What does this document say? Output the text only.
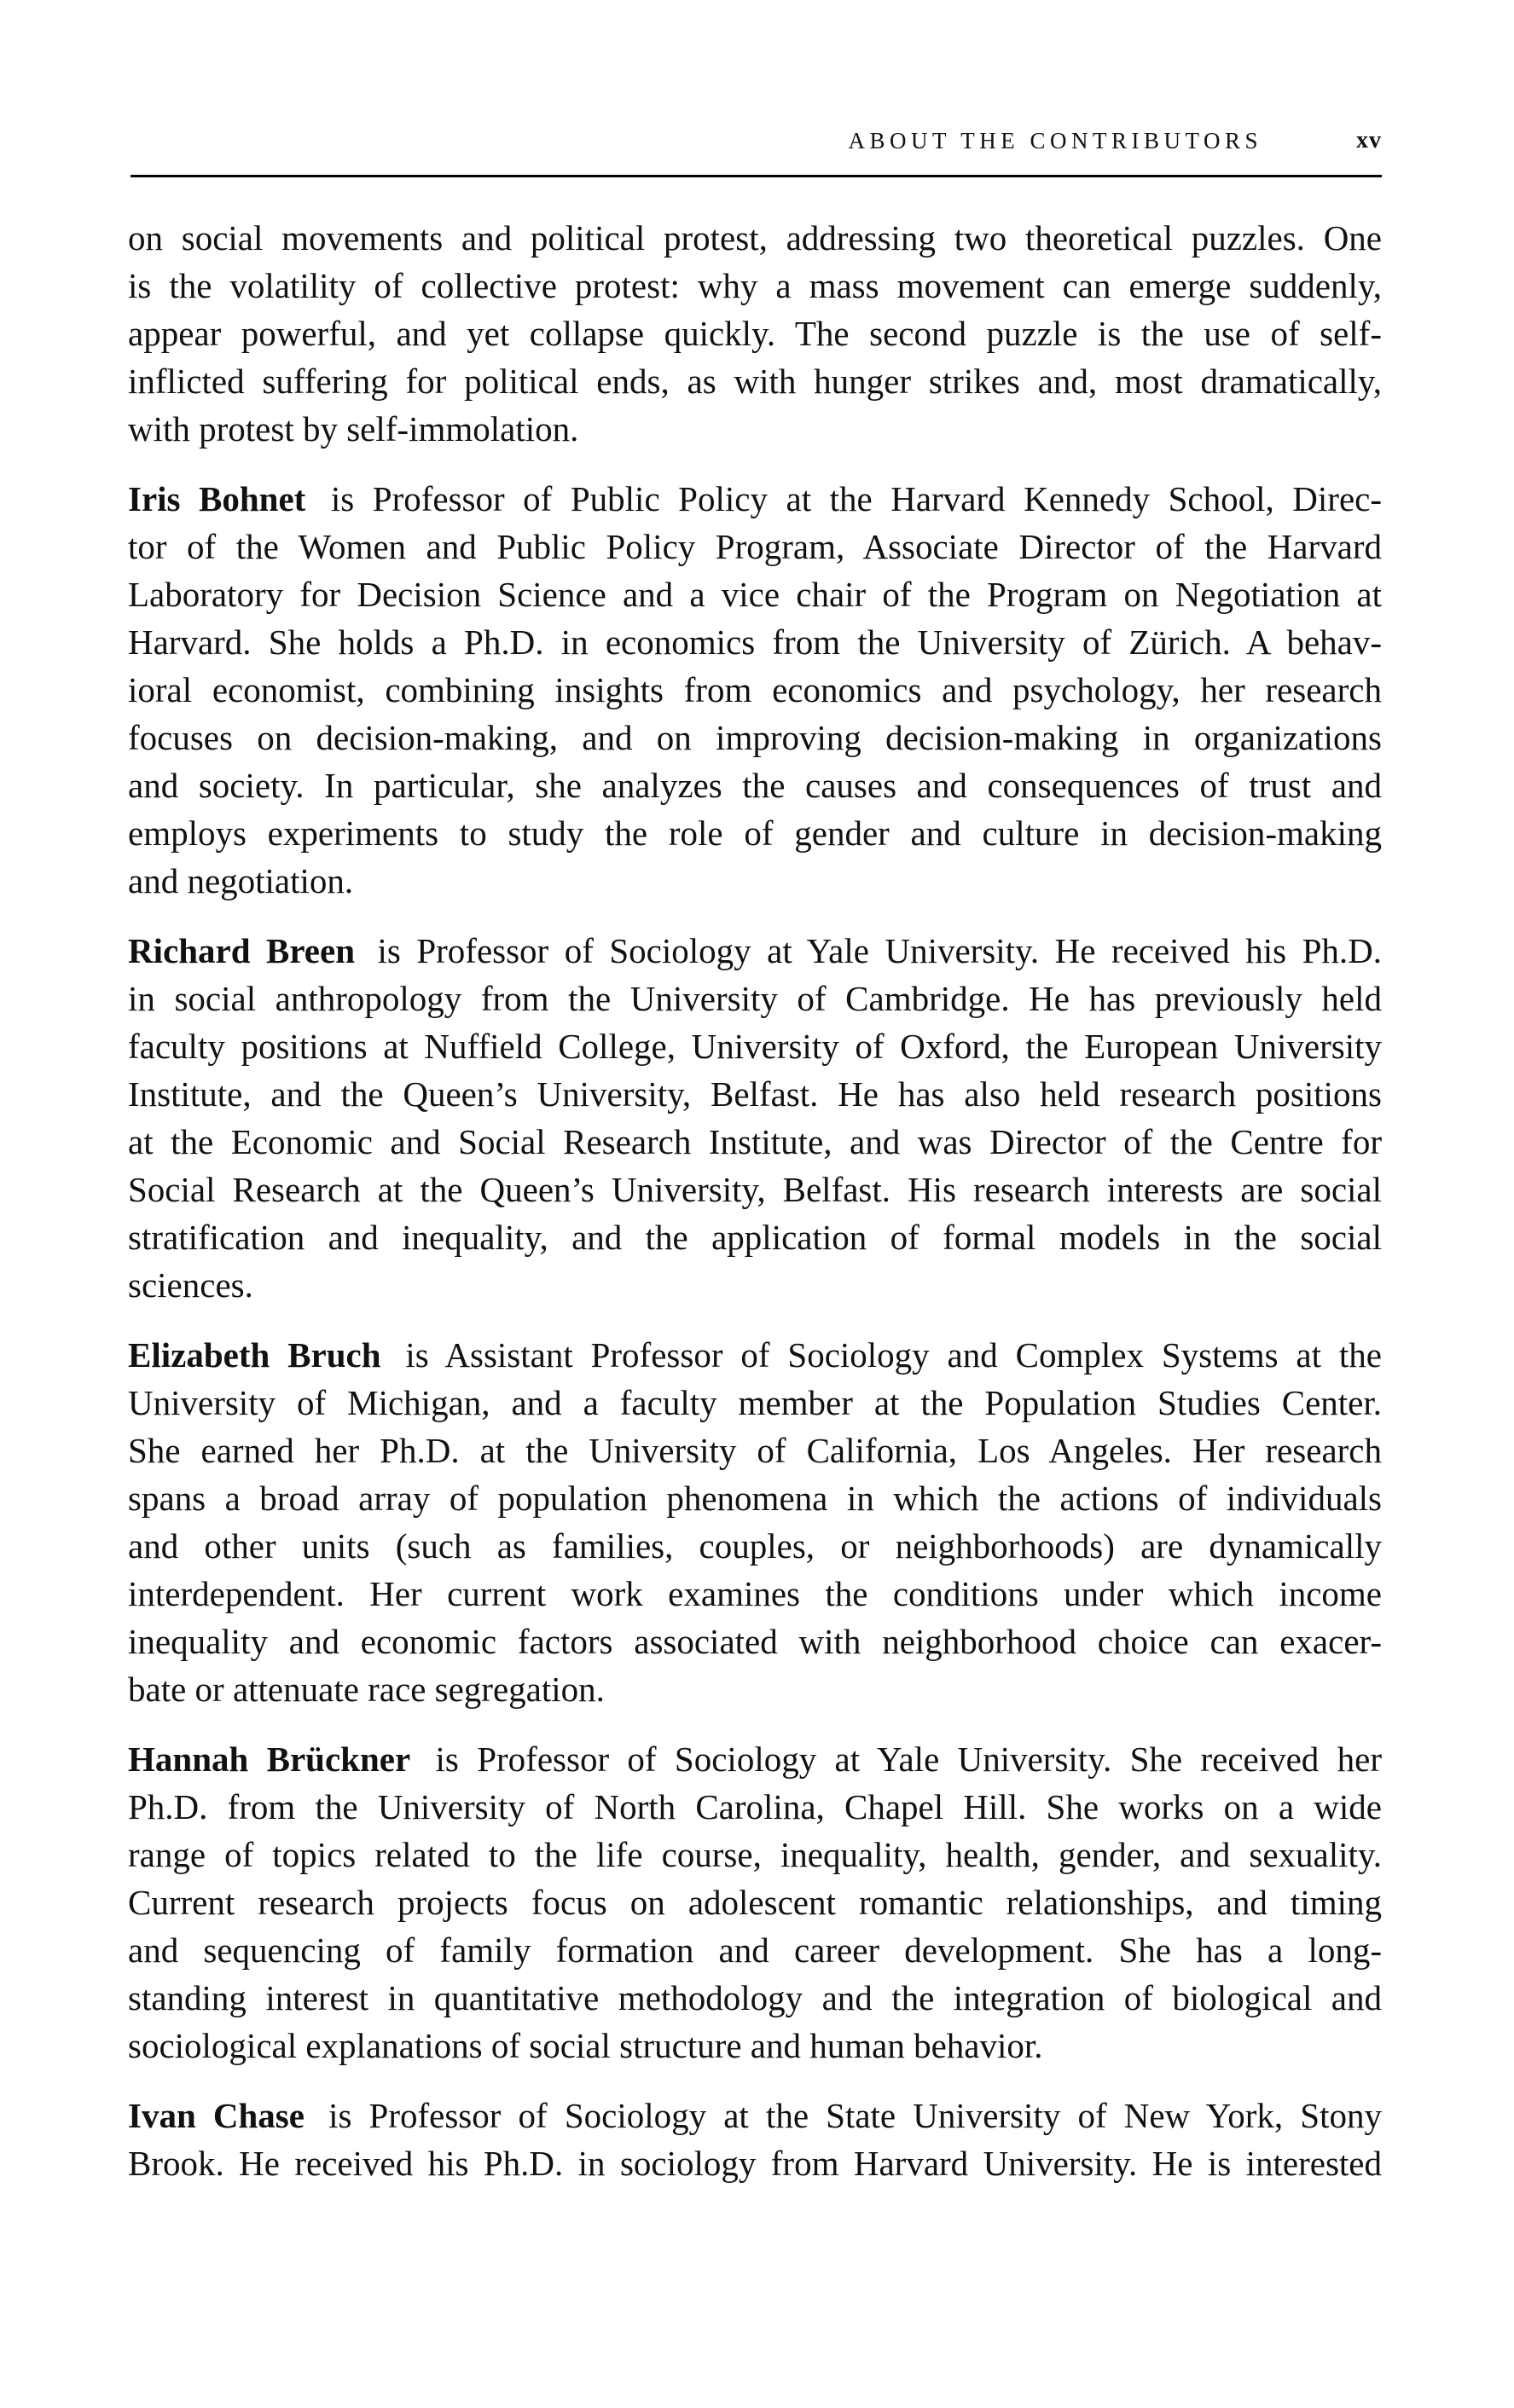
ABOUT THE CONTRIBUTORS	xv
on social movements and political protest, addressing two theoretical puzzles. One
is the volatility of collective protest: why a mass movement can emerge suddenly,
appear powerful, and yet collapse quickly. The second puzzle is the use of self-
inflicted suffering for political ends, as with hunger strikes and, most dramatically,
with protest by self-immolation.
Iris Bohnet is Professor of Public Policy at the Harvard Kennedy School, Direc-
tor of the Women and Public Policy Program, Associate Director of the Harvard
Laboratory for Decision Science and a vice chair of the Program on Negotiation at
Harvard. She holds a Ph.D. in economics from the University of Zürich. A behav-
ioral economist, combining insights from economics and psychology, her research
focuses on decision-making, and on improving decision-making in organizations
and society. In particular, she analyzes the causes and consequences of trust and
employs experiments to study the role of gender and culture in decision-making
and negotiation.
Richard Breen is Professor of Sociology at Yale University. He received his Ph.D.
in social anthropology from the University of Cambridge. He has previously held
faculty positions at Nuffield College, University of Oxford, the European University
Institute, and the Queen’s University, Belfast. He has also held research positions
at the Economic and Social Research Institute, and was Director of the Centre for
Social Research at the Queen’s University, Belfast. His research interests are social
stratification and inequality, and the application of formal models in the social
sciences.
Elizabeth Bruch is Assistant Professor of Sociology and Complex Systems at the
University of Michigan, and a faculty member at the Population Studies Center.
She earned her Ph.D. at the University of California, Los Angeles. Her research
spans a broad array of population phenomena in which the actions of individuals
and other units (such as families, couples, or neighborhoods) are dynamically
interdependent. Her current work examines the conditions under which income
inequality and economic factors associated with neighborhood choice can exacer-
bate or attenuate race segregation.
Hannah Brückner is Professor of Sociology at Yale University. She received her
Ph.D. from the University of North Carolina, Chapel Hill. She works on a wide
range of topics related to the life course, inequality, health, gender, and sexuality.
Current research projects focus on adolescent romantic relationships, and timing
and sequencing of family formation and career development. She has a long-
standing interest in quantitative methodology and the integration of biological and
sociological explanations of social structure and human behavior.
Ivan Chase is Professor of Sociology at the State University of New York, Stony
Brook. He received his Ph.D. in sociology from Harvard University. He is interested
